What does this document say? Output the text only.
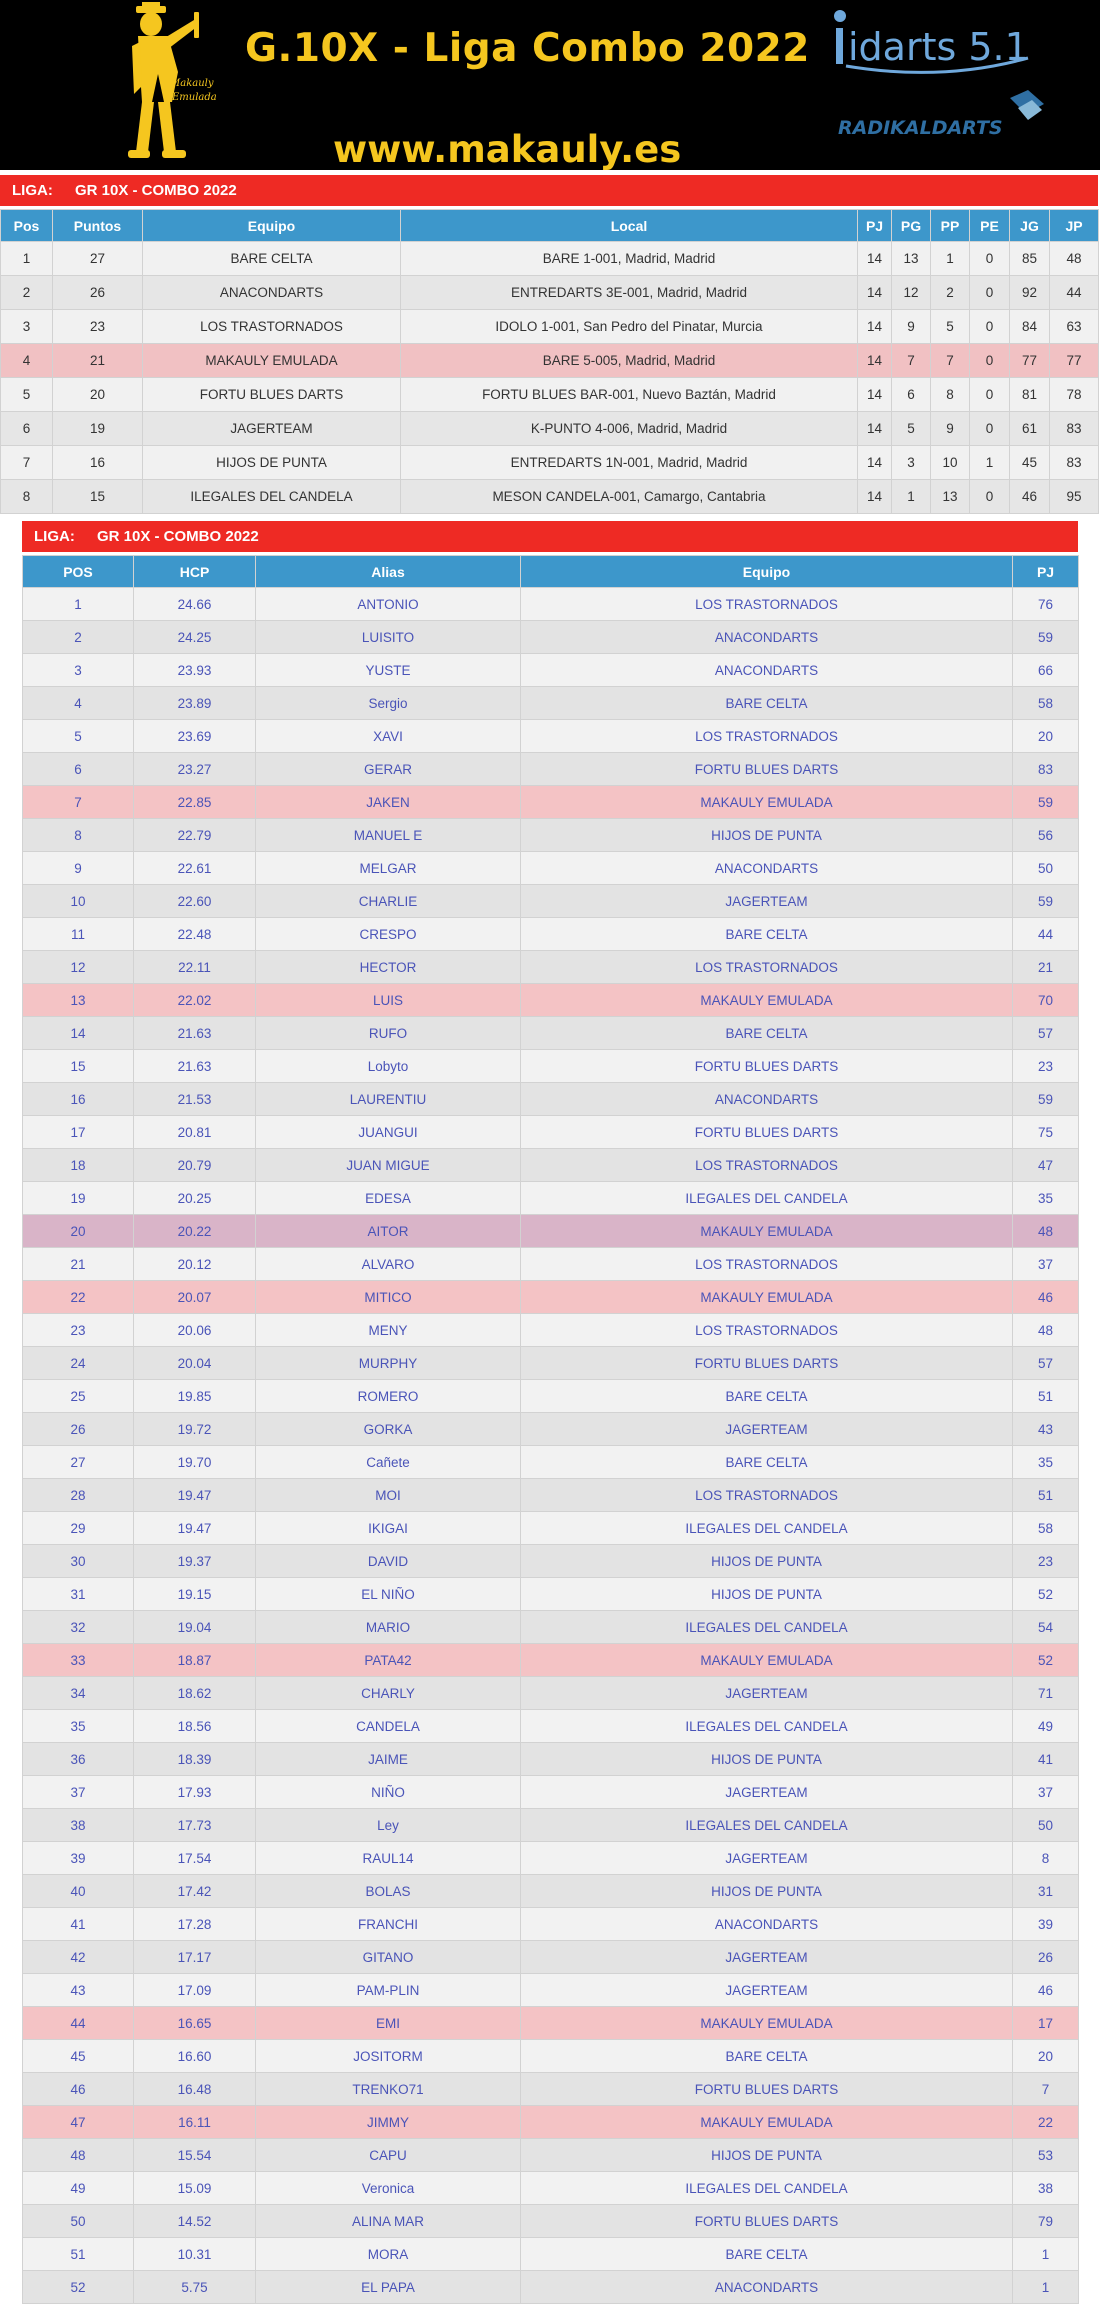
Makauly
Emulada
G.10X - Liga Combo 2022
www.makauly.es
idarts 5.1
RADIKALDARTS
LIGA: GR 10X - COMBO 2022
Pos	Puntos	Equipo	Local	PJ	PG	PP	PE	JG	JP
1	27	BARE CELTA	BARE 1-001, Madrid, Madrid	14	13	1	0	85	48
2	26	ANACONDARTS	ENTREDARTS 3E-001, Madrid, Madrid	14	12	2	0	92	44
3	23	LOS TRASTORNADOS	IDOLO 1-001, San Pedro del Pinatar, Murcia	14	9	5	0	84	63
4	21	MAKAULY EMULADA	BARE 5-005, Madrid, Madrid	14	7	7	0	77	77
5	20	FORTU BLUES DARTS	FORTU BLUES BAR-001, Nuevo Baztán, Madrid	14	6	8	0	81	78
6	19	JAGERTEAM	K-PUNTO 4-006, Madrid, Madrid	14	5	9	0	61	83
7	16	HIJOS DE PUNTA	ENTREDARTS 1N-001, Madrid, Madrid	14	3	10	1	45	83
8	15	ILEGALES DEL CANDELA	MESON CANDELA-001, Camargo, Cantabria	14	1	13	0	46	95
LIGA: GR 10X - COMBO 2022
POS	HCP	Alias	Equipo	PJ
1	24.66	ANTONIO	LOS TRASTORNADOS	76
2	24.25	LUISITO	ANACONDARTS	59
3	23.93	YUSTE	ANACONDARTS	66
4	23.89	Sergio	BARE CELTA	58
5	23.69	XAVI	LOS TRASTORNADOS	20
6	23.27	GERAR	FORTU BLUES DARTS	83
7	22.85	JAKEN	MAKAULY EMULADA	59
8	22.79	MANUEL E	HIJOS DE PUNTA	56
9	22.61	MELGAR	ANACONDARTS	50
10	22.60	CHARLIE	JAGERTEAM	59
11	22.48	CRESPO	BARE CELTA	44
12	22.11	HECTOR	LOS TRASTORNADOS	21
13	22.02	LUIS	MAKAULY EMULADA	70
14	21.63	RUFO	BARE CELTA	57
15	21.63	Lobyto	FORTU BLUES DARTS	23
16	21.53	LAURENTIU	ANACONDARTS	59
17	20.81	JUANGUI	FORTU BLUES DARTS	75
18	20.79	JUAN MIGUE	LOS TRASTORNADOS	47
19	20.25	EDESA	ILEGALES DEL CANDELA	35
20	20.22	AITOR	MAKAULY EMULADA	48
21	20.12	ALVARO	LOS TRASTORNADOS	37
22	20.07	MITICO	MAKAULY EMULADA	46
23	20.06	MENY	LOS TRASTORNADOS	48
24	20.04	MURPHY	FORTU BLUES DARTS	57
25	19.85	ROMERO	BARE CELTA	51
26	19.72	GORKA	JAGERTEAM	43
27	19.70	Cañete	BARE CELTA	35
28	19.47	MOI	LOS TRASTORNADOS	51
29	19.47	IKIGAI	ILEGALES DEL CANDELA	58
30	19.37	DAVID	HIJOS DE PUNTA	23
31	19.15	EL NIÑO	HIJOS DE PUNTA	52
32	19.04	MARIO	ILEGALES DEL CANDELA	54
33	18.87	PATA42	MAKAULY EMULADA	52
34	18.62	CHARLY	JAGERTEAM	71
35	18.56	CANDELA	ILEGALES DEL CANDELA	49
36	18.39	JAIME	HIJOS DE PUNTA	41
37	17.93	NIÑO	JAGERTEAM	37
38	17.73	Ley	ILEGALES DEL CANDELA	50
39	17.54	RAUL14	JAGERTEAM	8
40	17.42	BOLAS	HIJOS DE PUNTA	31
41	17.28	FRANCHI	ANACONDARTS	39
42	17.17	GITANO	JAGERTEAM	26
43	17.09	PAM-PLIN	JAGERTEAM	46
44	16.65	EMI	MAKAULY EMULADA	17
45	16.60	JOSITORM	BARE CELTA	20
46	16.48	TRENKO71	FORTU BLUES DARTS	7
47	16.11	JIMMY	MAKAULY EMULADA	22
48	15.54	CAPU	HIJOS DE PUNTA	53
49	15.09	Veronica	ILEGALES DEL CANDELA	38
50	14.52	ALINA MAR	FORTU BLUES DARTS	79
51	10.31	MORA	BARE CELTA	1
52	5.75	EL PAPA	ANACONDARTS	1
